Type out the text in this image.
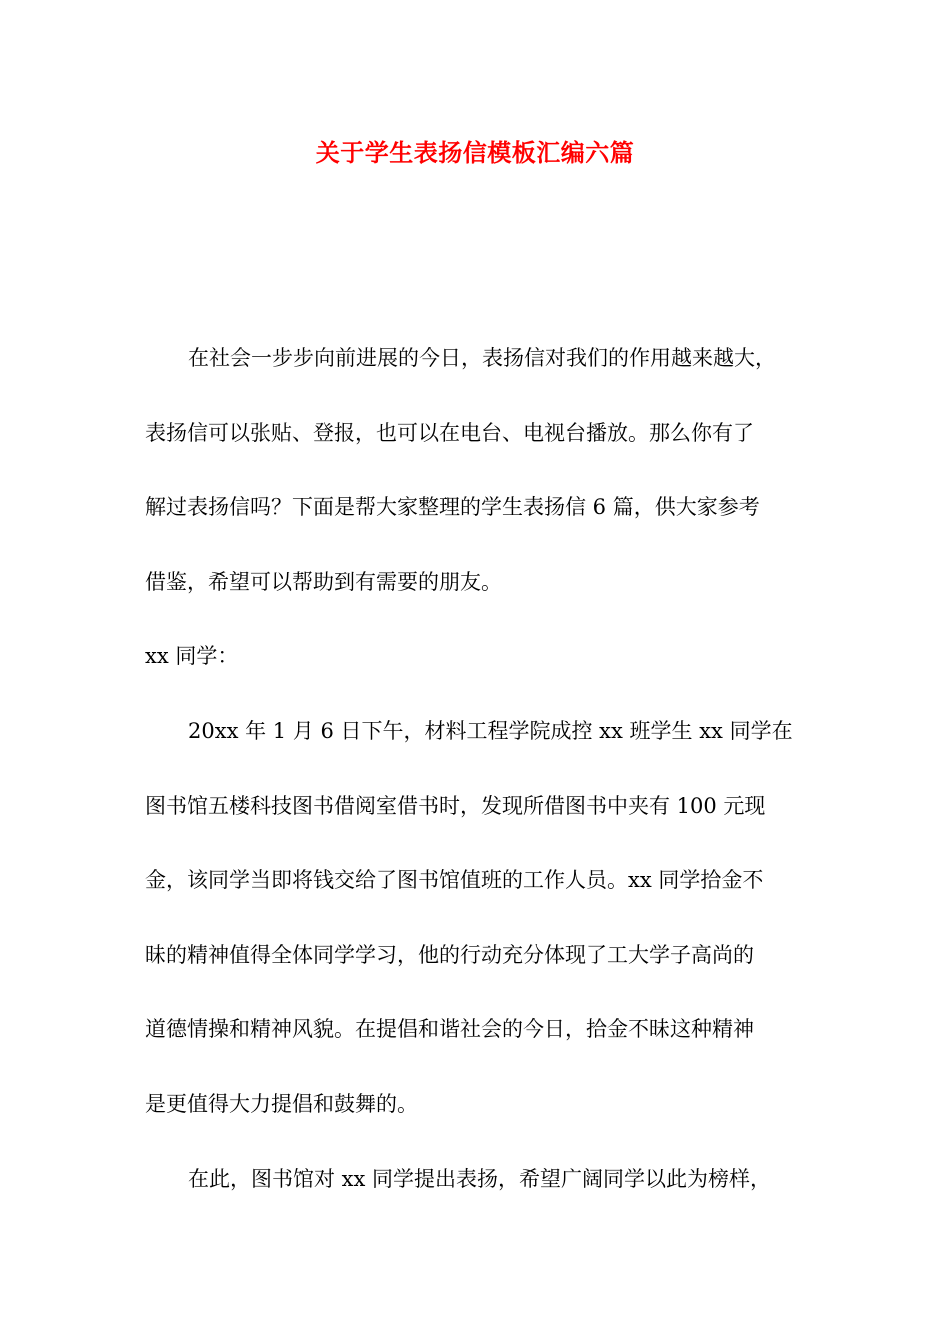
关于学生表扬信模板汇编六篇
在社会一步步向前进展的今日，表扬信对我们的作用越来越大，
表扬信可以张贴、登报，也可以在电台、电视台播放。那么你有了
解过表扬信吗？下面是帮大家整理的学生表扬信 6 篇，供大家参考
借鉴，希望可以帮助到有需要的朋友。
xx 同学：
20xx 年 1 月 6 日下午，材料工程学院成控 xx 班学生 xx 同学在
图书馆五楼科技图书借阅室借书时，发现所借图书中夹有 100 元现
金，该同学当即将钱交给了图书馆值班的工作人员。xx 同学拾金不
昧的精神值得全体同学学习，他的行动充分体现了工大学子高尚的
道德情操和精神风貌。在提倡和谐社会的今日，拾金不昧这种精神
是更值得大力提倡和鼓舞的。
在此，图书馆对 xx 同学提出表扬，希望广阔同学以此为榜样，
